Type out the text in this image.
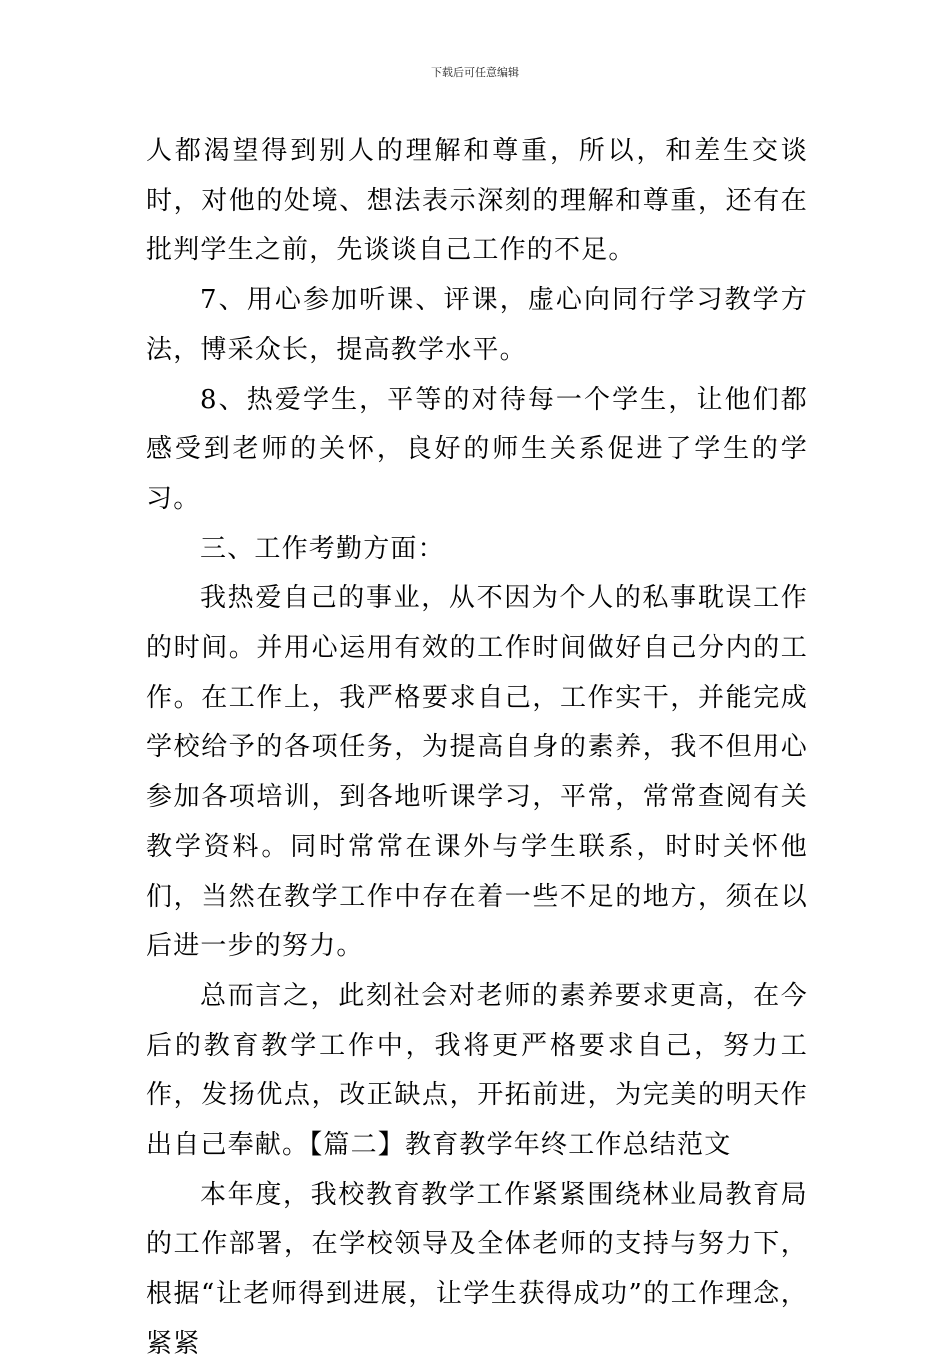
下载后可任意编辑

人都渴望得到别人的理解和尊重，所以，和差生交谈时，对他的处境、想法表示深刻的理解和尊重，还有在批判学生之前，先谈谈自己工作的不足。

7、用心参加听课、评课，虚心向同行学习教学方法，博采众长，提高教学水平。

8、热爱学生，平等的对待每一个学生，让他们都感受到老师的关怀，良好的师生关系促进了学生的学习。

三、工作考勤方面：

我热爱自己的事业，从不因为个人的私事耽误工作的时间。并用心运用有效的工作时间做好自己分内的工作。在工作上，我严格要求自己，工作实干，并能完成学校给予的各项任务，为提高自身的素养，我不但用心参加各项培训，到各地听课学习，平常，常常查阅有关教学资料。同时常常在课外与学生联系，时时关怀他们，当然在教学工作中存在着一些不足的地方，须在以后进一步的努力。

总而言之，此刻社会对老师的素养要求更高，在今后的教育教学工作中，我将更严格要求自己，努力工作，发扬优点，改正缺点，开拓前进，为完美的明天作出自己奉献。【篇二】教育教学年终工作总结范文

本年度，我校教育教学工作紧紧围绕林业局教育局的工作部署，在学校领导及全体老师的支持与努力下，根据“让老师得到进展，让学生获得成功”的工作理念，紧紧
